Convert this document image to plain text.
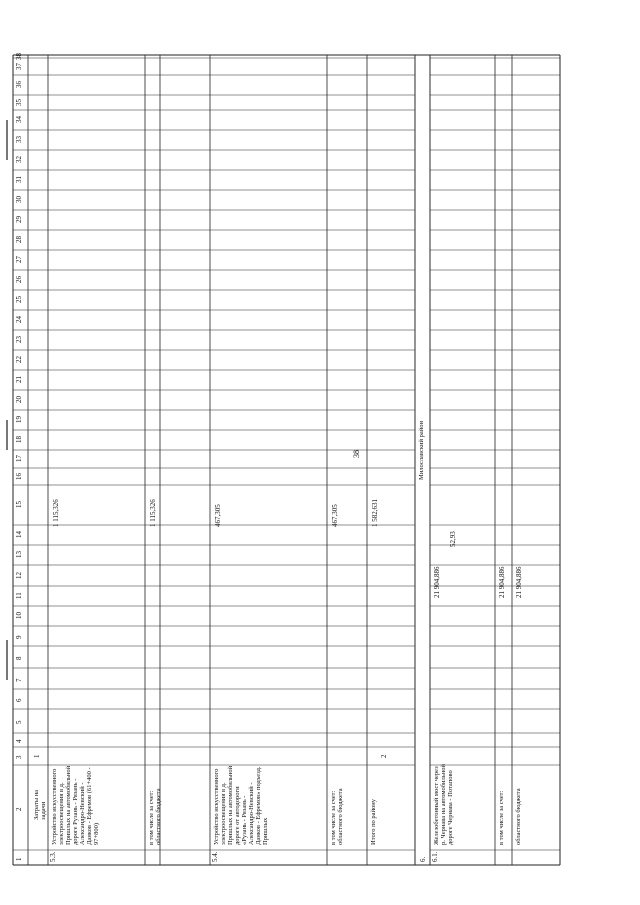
38
1
2
3
4
5
6
7
8
9
10
11
12
13
14
15
16
17
18
19
20
21
22
23
24
25
26
27
28
29
30
31
32
33
34
35
36
37
38
Затраты на задачи
1
5.3.
Устройство искусственного электроосвещения в д. Пришлых на автомобильной дороге Рузань - Рязань - Александро-Невский - Данков - Ефремов (61+400 - 97+800)
1 115,326
в том числе за счет: областного бюджета
1 115,326
5.4.
Устройство искусственного электроосвещения в д. Пришлых на автомобильной дороге от автодороги «Рузань - Рязань - Александро-Невский - Данков - Ефремов» подъезд. Пришлых
467,305
в том числе за счет: областного бюджета
467,305
Итого по району
2
1 582,631
Милославский район
6. 6.1.
Железобетонный мост через р. Чернава на автомобильной дороге Чернава - Потапово
21 904,886
52,93
в том числе за счет:
21 904,886
областного бюджета
21 904,886
